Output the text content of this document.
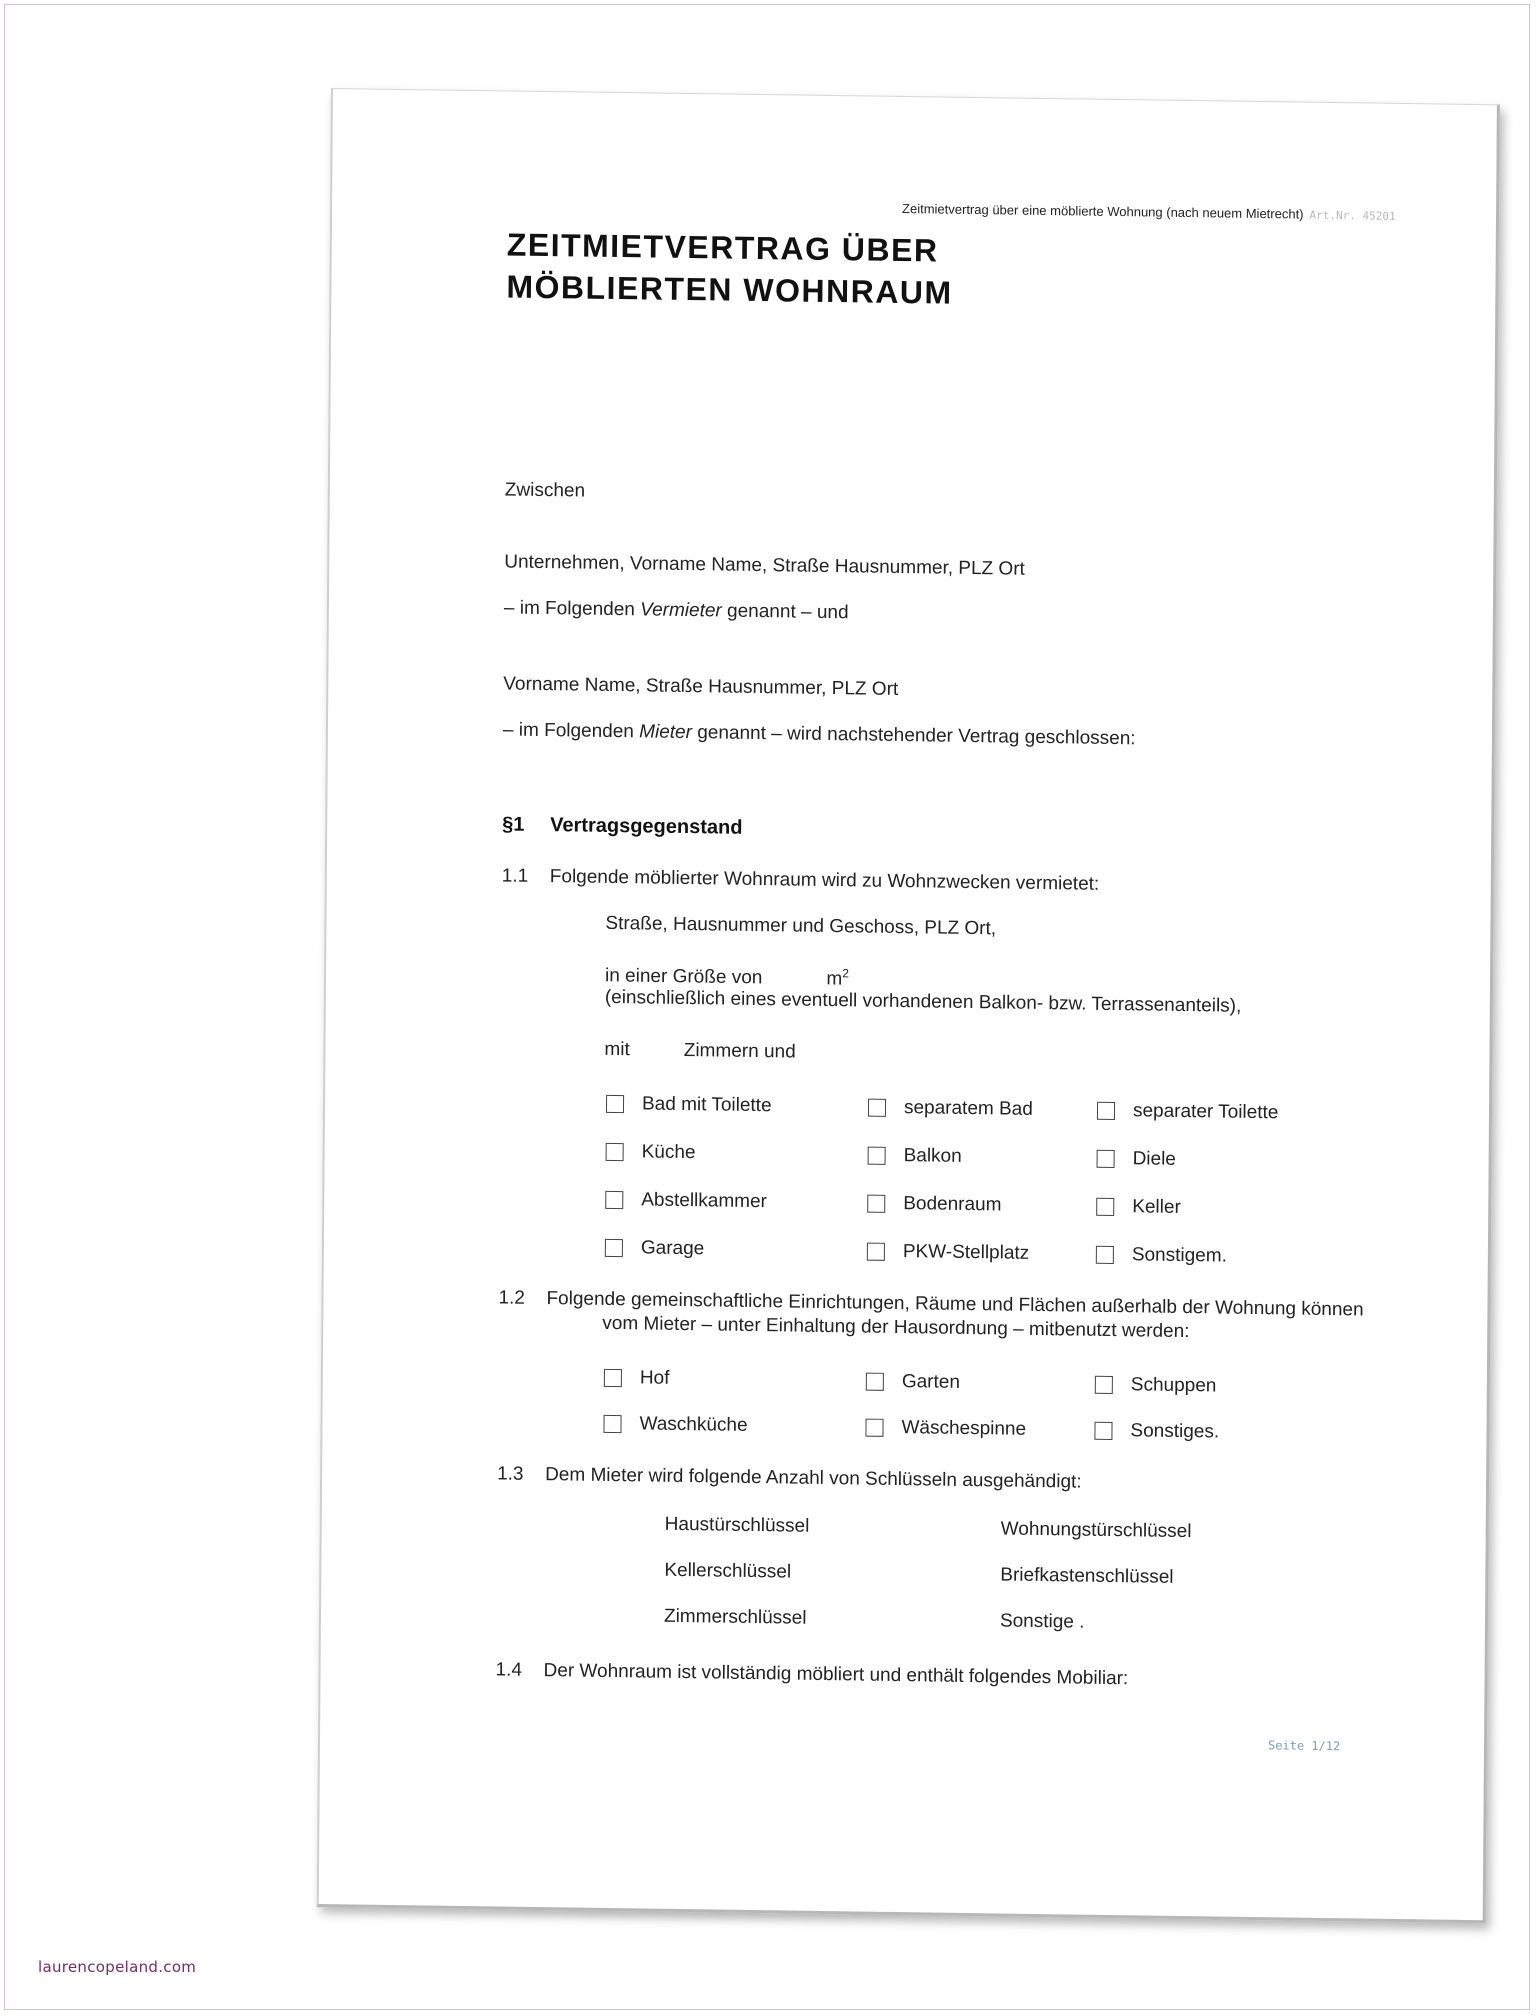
Zeitmietvertrag über eine möblierte Wohnung (nach neuem Mietrecht) Art.Nr. 45201
ZEITMIETVERTRAG ÜBER
MÖBLIERTEN WOHNRAUM
Zwischen
Unternehmen, Vorname Name, Straße Hausnummer, PLZ Ort
– im Folgenden Vermieter genannt – und
Vorname Name, Straße Hausnummer, PLZ Ort
– im Folgenden Mieter genannt – wird nachstehender Vertrag geschlossen:
§1 Vertragsgegenstand
1.1 Folgende möblierter Wohnraum wird zu Wohnzwecken vermietet:
Straße, Hausnummer und Geschoss, PLZ Ort,
in einer Größe von	$m^2$
(einschließlich eines eventuell vorhandenen Balkon- bzw. Terrassenanteils),
mit	Zimmern und
Bad mit Toilette	separatem Bad	separater Toilette
Küche	Balkon	Diele
Abstellkammer	Bodenraum	Keller
Garage	PKW-Stellplatz	Sonstigem.
1.2 Folgende gemeinschaftliche Einrichtungen, Räume und Flächen außerhalb der Wohnung können
vom Mieter – unter Einhaltung der Hausordnung – mitbenutzt werden:
Hof	Garten	Schuppen
Waschküche	Wäschespinne	Sonstiges.
1.3 Dem Mieter wird folgende Anzahl von Schlüsseln ausgehändigt:
Haustürschlüssel	Wohnungstürschlüssel
Kellerschlüssel	Briefkastenschlüssel
Zimmerschlüssel	Sonstige .
1.4 Der Wohnraum ist vollständig möbliert und enthält folgendes Mobiliar:
Seite 1/12
laurencopeland.com
